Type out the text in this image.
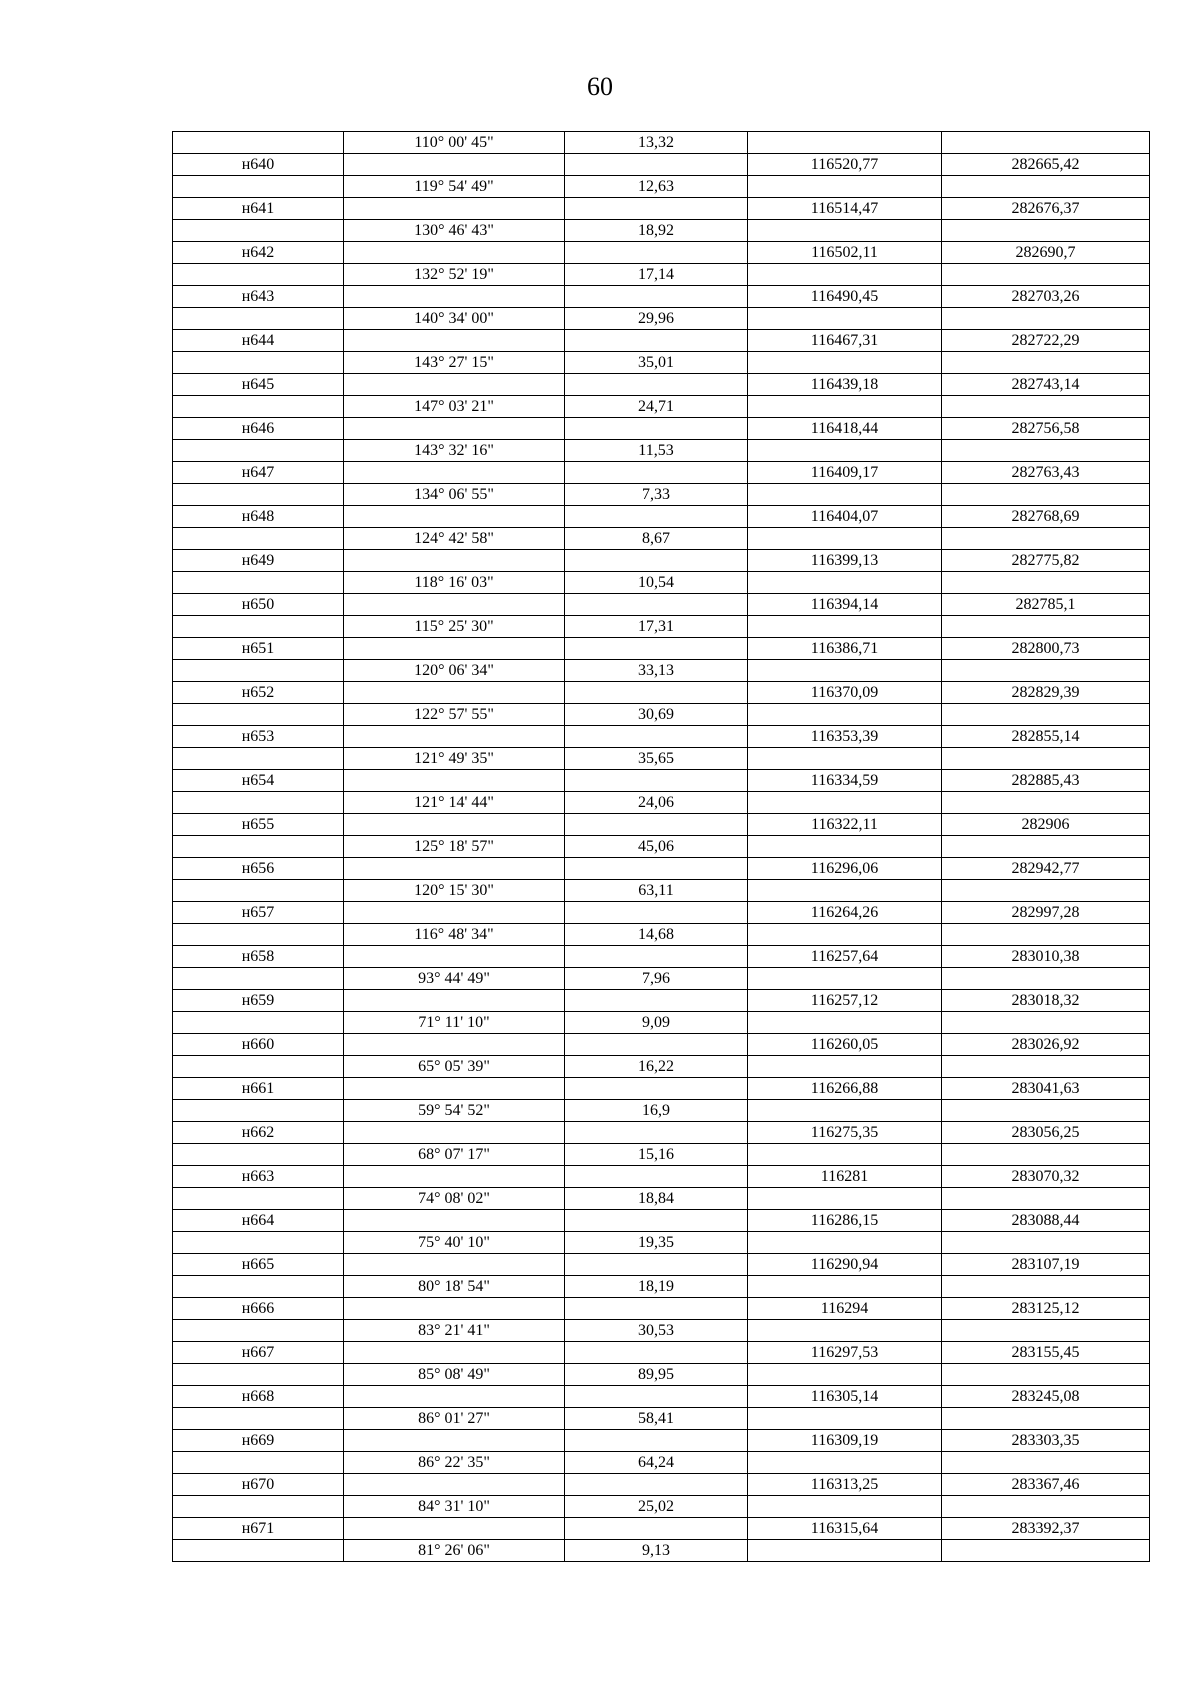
60
	110° 00' 45"	13,32		
н640			116520,77	282665,42
	119° 54' 49"	12,63		
н641			116514,47	282676,37
	130° 46' 43"	18,92		
н642			116502,11	282690,7
	132° 52' 19"	17,14		
н643			116490,45	282703,26
	140° 34' 00"	29,96		
н644			116467,31	282722,29
	143° 27' 15"	35,01		
н645			116439,18	282743,14
	147° 03' 21"	24,71		
н646			116418,44	282756,58
	143° 32' 16"	11,53		
н647			116409,17	282763,43
	134° 06' 55"	7,33		
н648			116404,07	282768,69
	124° 42' 58"	8,67		
н649			116399,13	282775,82
	118° 16' 03"	10,54		
н650			116394,14	282785,1
	115° 25' 30"	17,31		
н651			116386,71	282800,73
	120° 06' 34"	33,13		
н652			116370,09	282829,39
	122° 57' 55"	30,69		
н653			116353,39	282855,14
	121° 49' 35"	35,65		
н654			116334,59	282885,43
	121° 14' 44"	24,06		
н655			116322,11	282906
	125° 18' 57"	45,06		
н656			116296,06	282942,77
	120° 15' 30"	63,11		
н657			116264,26	282997,28
	116° 48' 34"	14,68		
н658			116257,64	283010,38
	93° 44' 49"	7,96		
н659			116257,12	283018,32
	71° 11' 10"	9,09		
н660			116260,05	283026,92
	65° 05' 39"	16,22		
н661			116266,88	283041,63
	59° 54' 52"	16,9		
н662			116275,35	283056,25
	68° 07' 17"	15,16		
н663			116281	283070,32
	74° 08' 02"	18,84		
н664			116286,15	283088,44
	75° 40' 10"	19,35		
н665			116290,94	283107,19
	80° 18' 54"	18,19		
н666			116294	283125,12
	83° 21' 41"	30,53		
н667			116297,53	283155,45
	85° 08' 49"	89,95		
н668			116305,14	283245,08
	86° 01' 27"	58,41		
н669			116309,19	283303,35
	86° 22' 35"	64,24		
н670			116313,25	283367,46
	84° 31' 10"	25,02		
н671			116315,64	283392,37
	81° 26' 06"	9,13		
